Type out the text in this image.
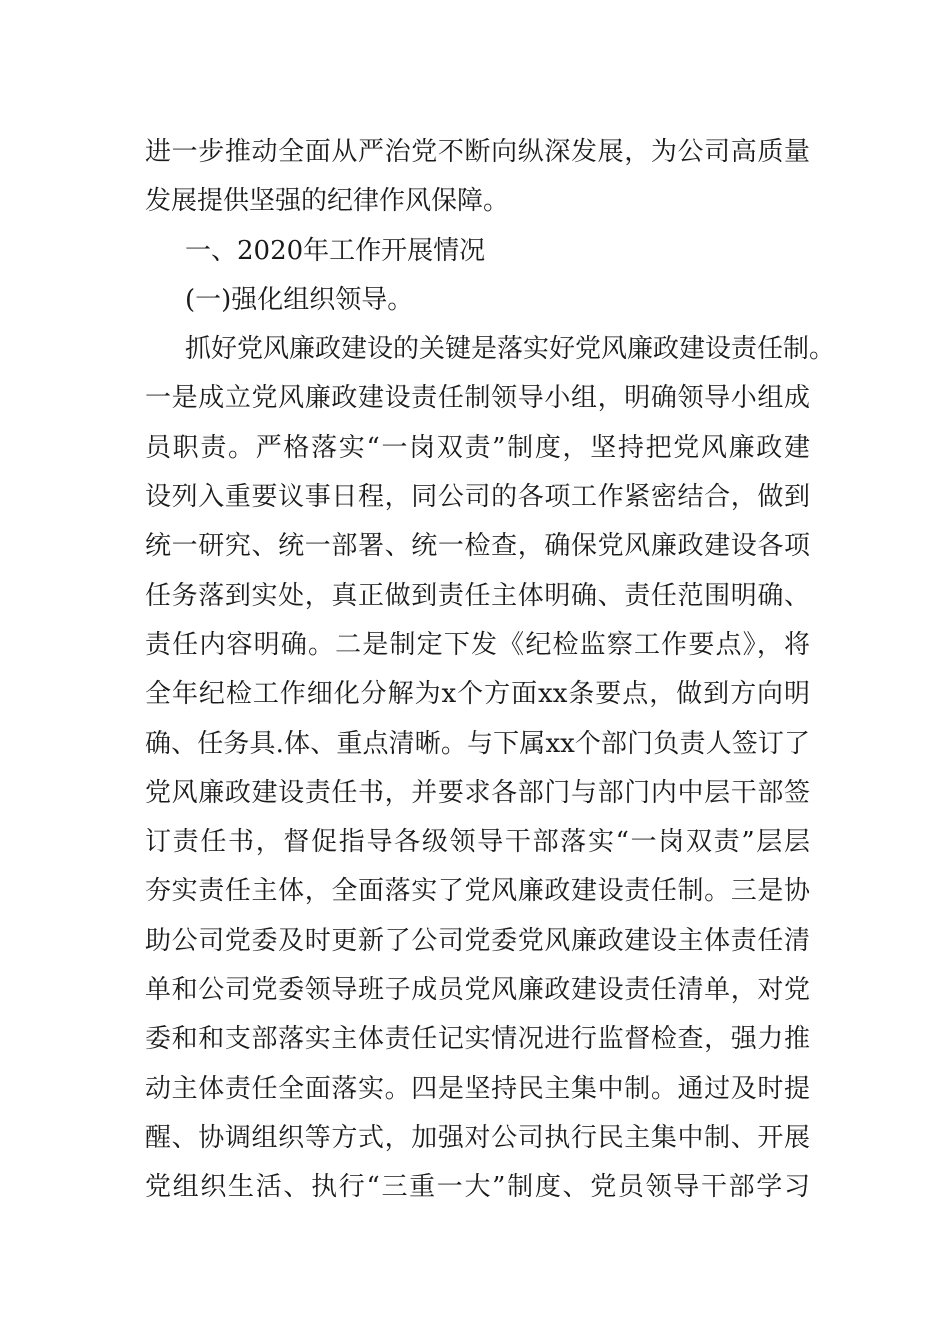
进一步推动全面从严治党不断向纵深发展，为公司高质量
发展提供坚强的纪律作风保障。
一、2020年工作开展情况
(一)强化组织领导。
抓好党风廉政建设的关键是落实好党风廉政建设责任制。
一是成立党风廉政建设责任制领导小组，明确领导小组成
员职责。严格落实“一岗双责”制度，坚持把党风廉政建
设列入重要议事日程，同公司的各项工作紧密结合，做到
统一研究、统一部署、统一检查，确保党风廉政建设各项
任务落到实处，真正做到责任主体明确、责任范围明确、
责任内容明确。二是制定下发《纪检监察工作要点》，将
全年纪检工作细化分解为x个方面xx条要点，做到方向明
确、任务具.体、重点清晰。与下属xx个部门负责人签订了
党风廉政建设责任书，并要求各部门与部门内中层干部签
订责任书，督促指导各级领导干部落实“一岗双责”层层
夯实责任主体，全面落实了党风廉政建设责任制。三是协
助公司党委及时更新了公司党委党风廉政建设主体责任清
单和公司党委领导班子成员党风廉政建设责任清单，对党
委和和支部落实主体责任记实情况进行监督检查，强力推
动主体责任全面落实。四是坚持民主集中制。通过及时提
醒、协调组织等方式，加强对公司执行民主集中制、开展
党组织生活、执行“三重一大”制度、党员领导干部学习
